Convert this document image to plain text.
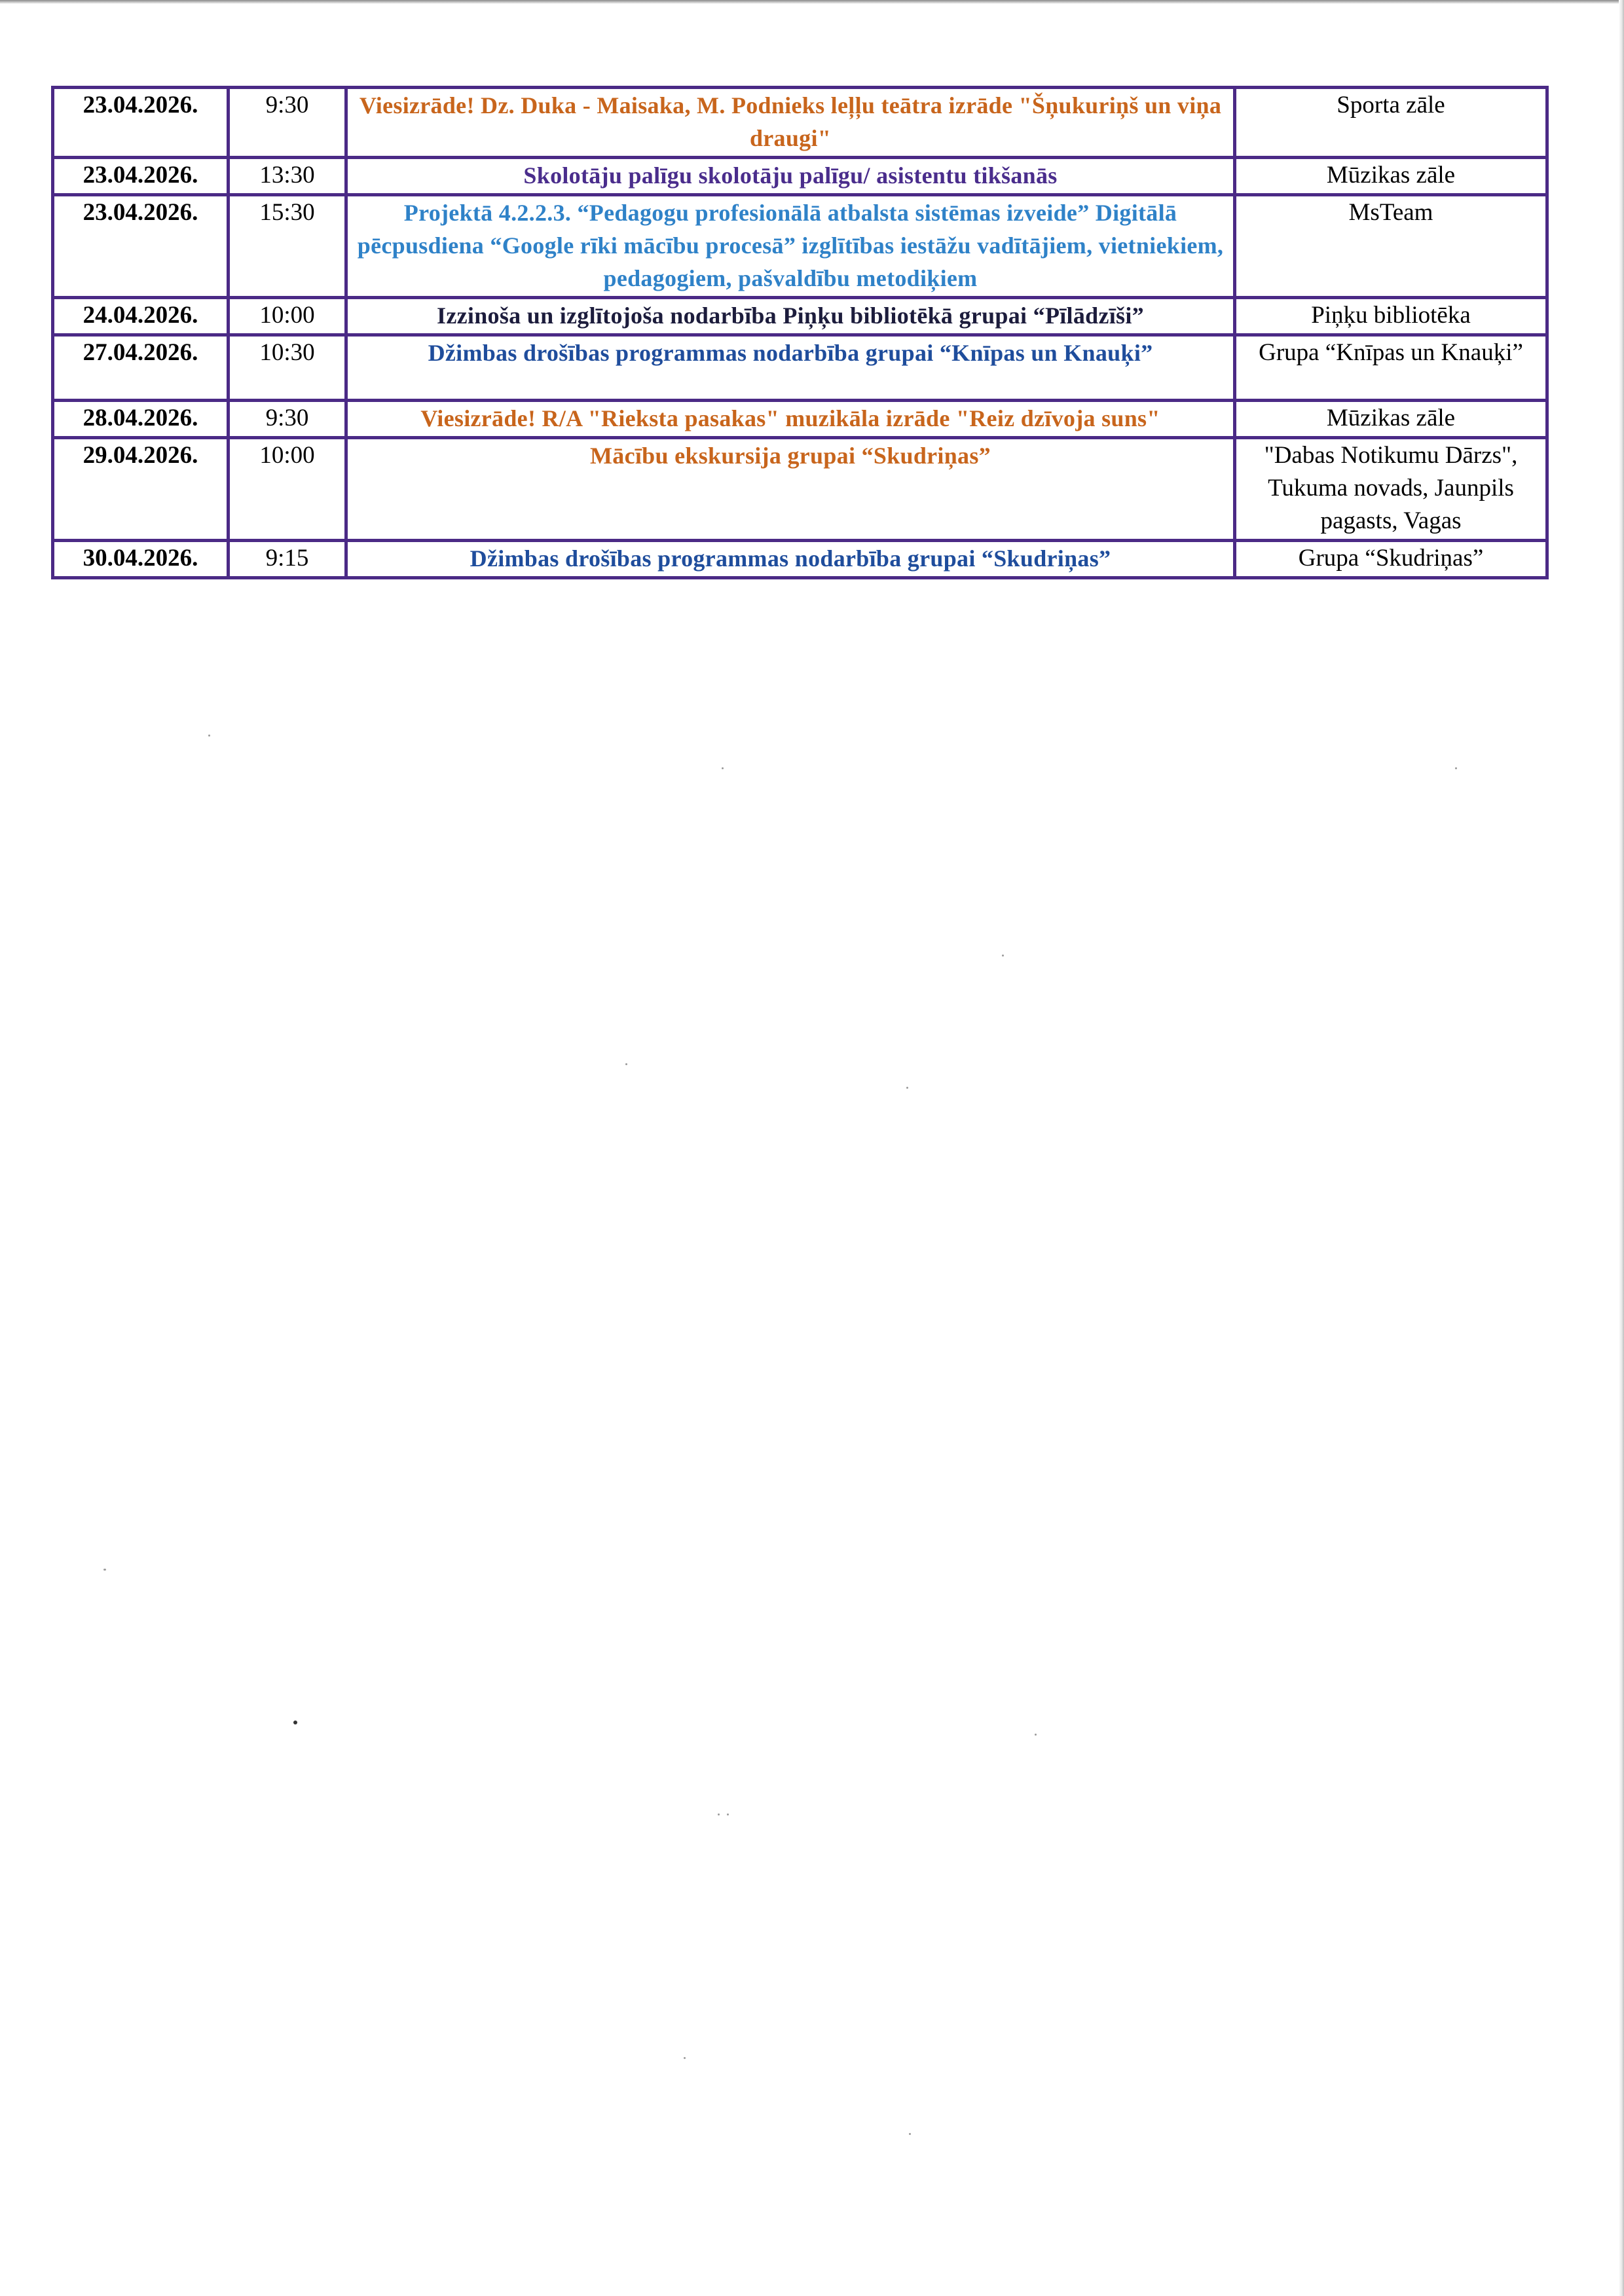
23.04.2026.	9:30	Viesizrāde! Dz. Duka - Maisaka, M. Podnieks leļļu teātra izrāde "Šņukuriņš un viņa draugi"	Sporta zāle
23.04.2026.	13:30	Skolotāju palīgu skolotāju palīgu/ asistentu tikšanās	Mūzikas zāle
23.04.2026.	15:30	Projektā 4.2.2.3. “Pedagogu profesionālā atbalsta sistēmas izveide” Digitālā pēcpusdiena “Google rīki mācību procesā” izglītības iestāžu vadītājiem, vietniekiem, pedagogiem, pašvaldību metodiķiem	MsTeam
24.04.2026.	10:00	Izzinoša un izglītojoša nodarbība Piņķu bibliotēkā grupai “Pīlādzīši”	Piņķu bibliotēka
27.04.2026.	10:30	Džimbas drošības programmas nodarbība grupai “Knīpas un Knauķi”	Grupa “Knīpas un Knauķi”
28.04.2026.	9:30	Viesizrāde! R/A "Rieksta pasakas" muzikāla izrāde "Reiz dzīvoja suns"	Mūzikas zāle
29.04.2026.	10:00	Mācību ekskursija grupai “Skudriņas”	"Dabas Notikumu Dārzs", Tukuma novads, Jaunpils pagasts, Vagas
30.04.2026.	9:15	Džimbas drošības programmas nodarbība grupai “Skudriņas”	Grupa “Skudriņas”
